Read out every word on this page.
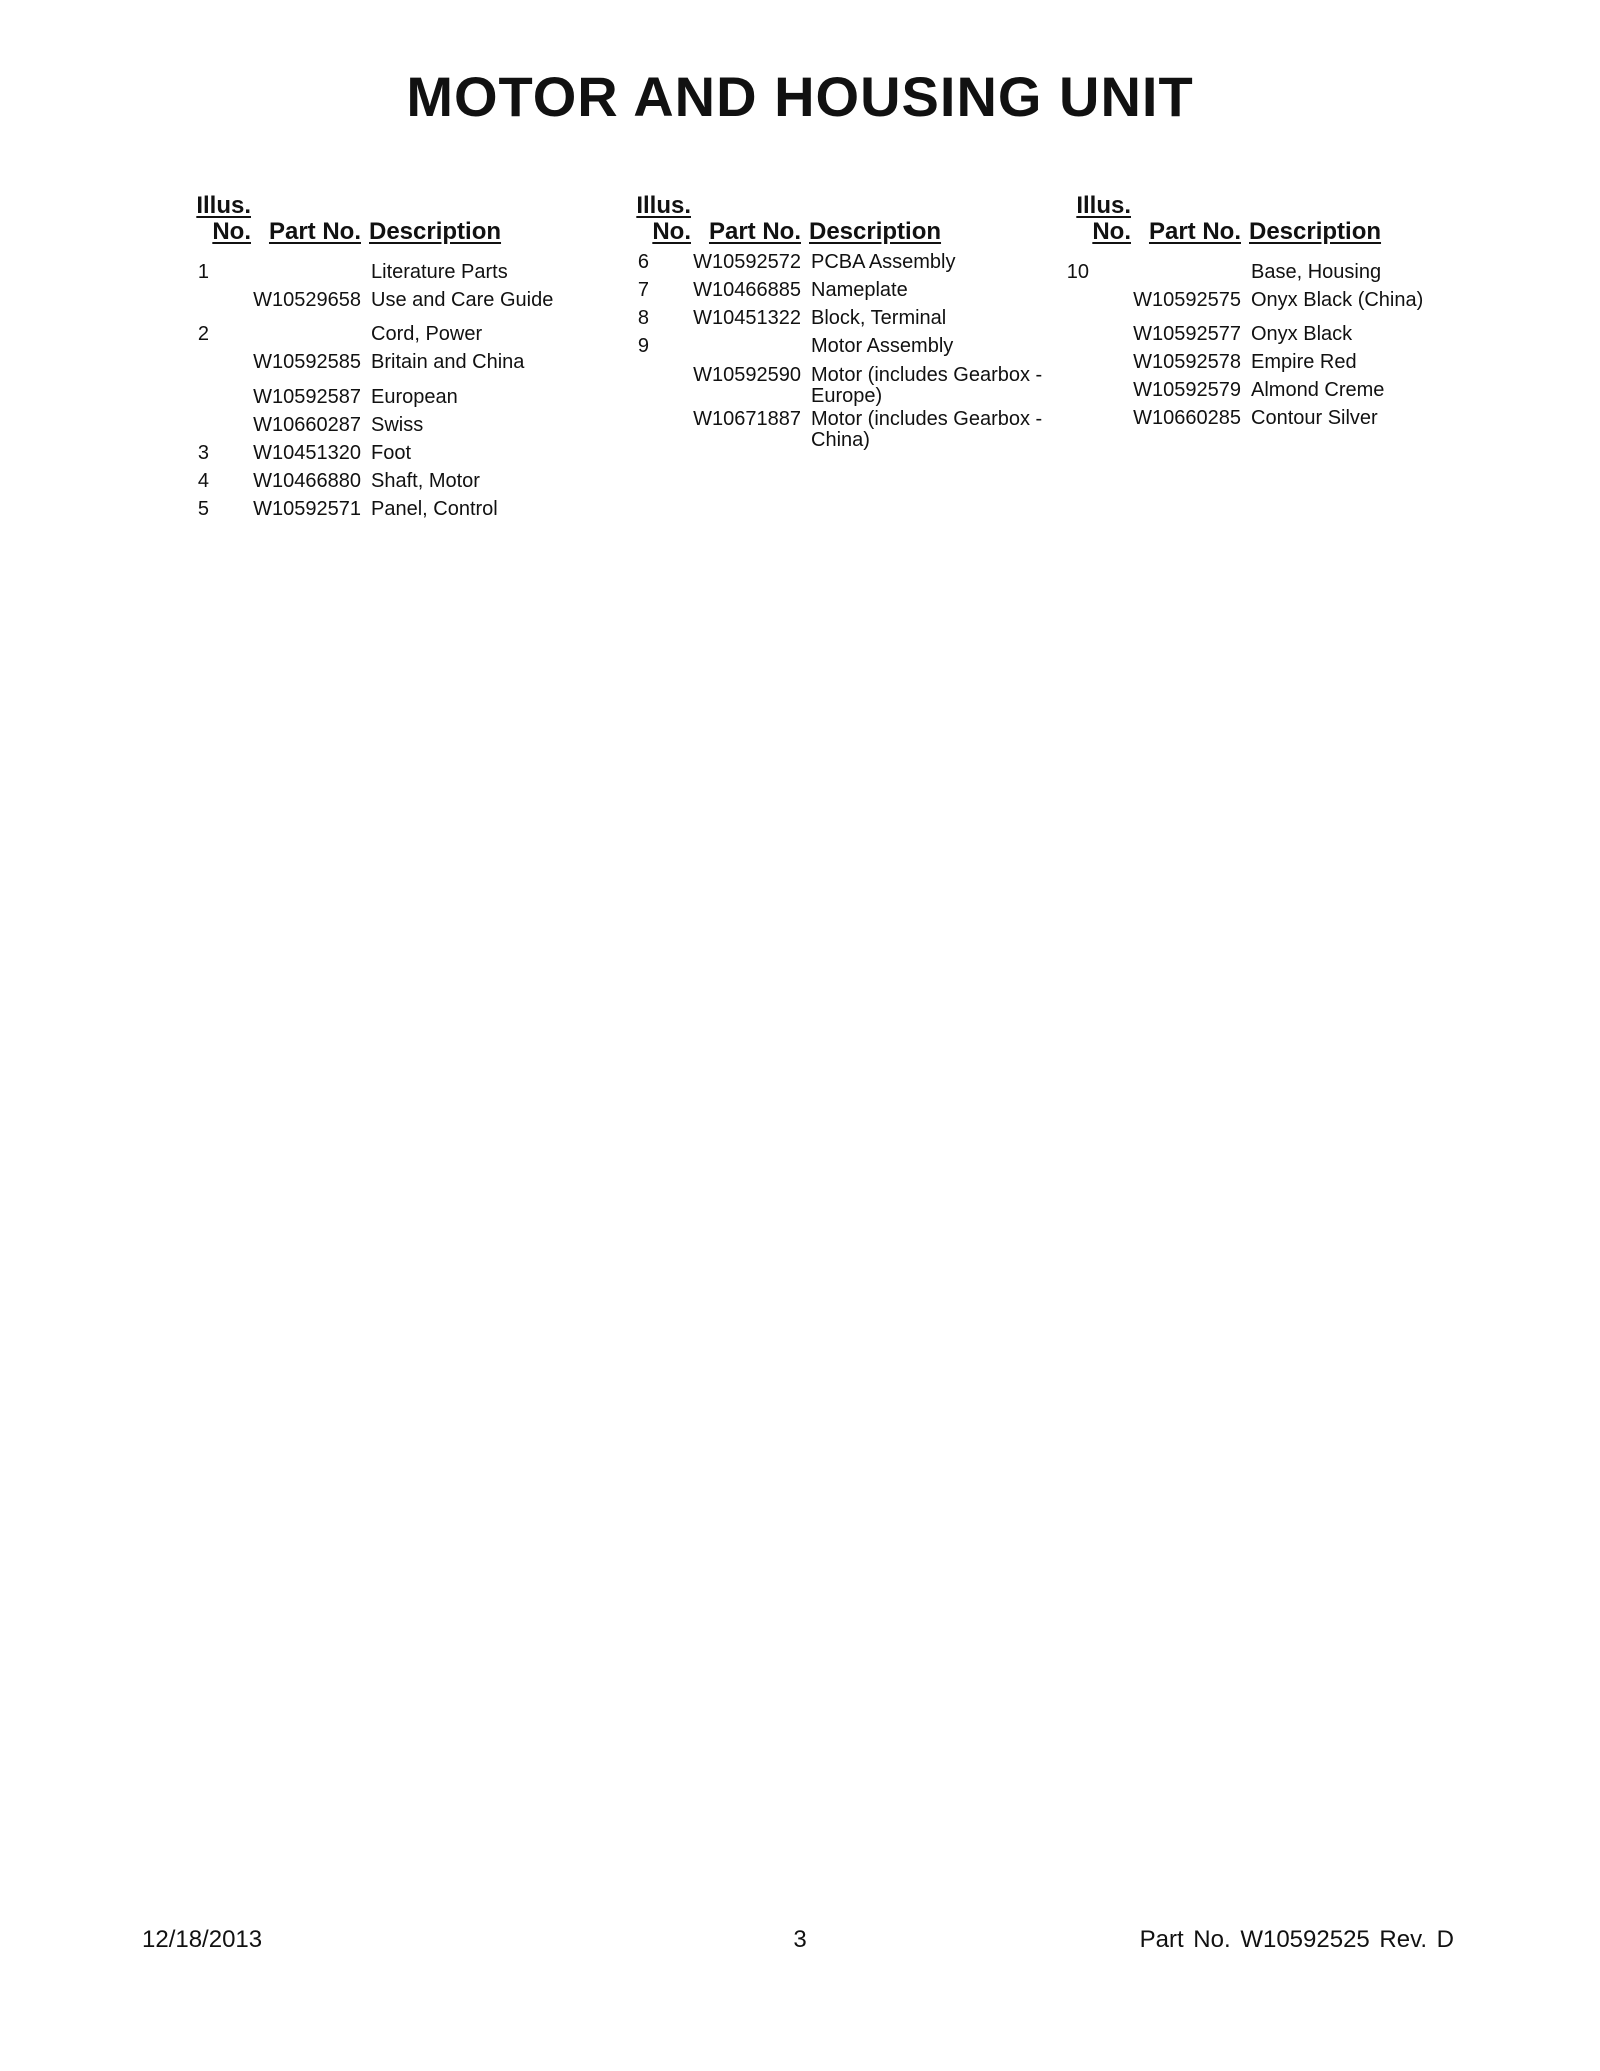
MOTOR AND HOUSING UNIT
Illus.
No. Part No. Description
1	Literature Parts
W10529658 Use and Care Guide
2	Cord, Power
W10592585 Britain and China
W10592587 European
W10660287 Swiss
3	W10451320 Foot
4	W10466880 Shaft, Motor
5	W10592571 Panel, Control
Illus.
No. Part No. Description
6	W10592572 PCBA Assembly
7	W10466885 Nameplate
8	W10451322 Block, Terminal
9	Motor Assembly
W10592590 Motor (includes Gearbox - Europe)
W10671887 Motor (includes Gearbox - China)
Illus.
No. Part No. Description
10	Base, Housing
W10592575 Onyx Black (China)
W10592577 Onyx Black
W10592578 Empire Red
W10592579 Almond Creme
W10660285 Contour Silver
12/18/2013	3	Part No. W10592525 Rev. D
